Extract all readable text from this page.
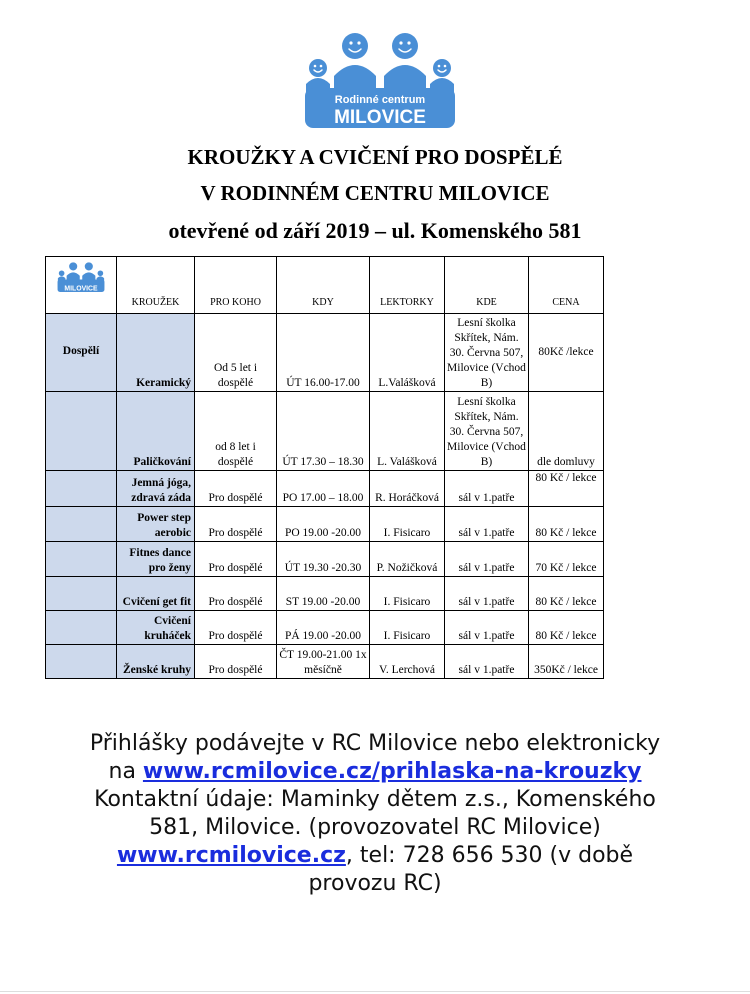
Rodinné centrum
MILOVICE
KROUŽKY A CVIČENÍ PRO DOSPĚLÉ
V RODINNÉM CENTRU MILOVICE
otevřené od září 2019 – ul. Komenského 581
MILOVICE	KROUŽEK	PRO KOHO	KDY	LEKTORKY	KDE	CENA
Dospělí	Keramický	Od 5 let i dospělé	ÚT 16.00-17.00	L.Valášková	Lesní školka Skřítek, Nám. 30. Června 507, Milovice (Vchod B)	80Kč /lekce
	Paličkování	od 8 let i dospělé	ÚT 17.30 – 18.30	L. Valášková	Lesní školka Skřítek, Nám. 30. Června 507, Milovice (Vchod B)	dle domluvy
	Jemná jóga, zdravá záda	Pro dospělé	PO 17.00 – 18.00	R. Horáčková	sál v 1.patře	80 Kč / lekce
	Power step aerobic	Pro dospělé	PO 19.00 -20.00	I. Fisicaro	sál v 1.patře	80 Kč / lekce
	Fitnes dance pro ženy	Pro dospělé	ÚT 19.30 -20.30	P. Nožičková	sál v 1.patře	70 Kč / lekce
	Cvičení get fit	Pro dospělé	ST 19.00 -20.00	I. Fisicaro	sál v 1.patře	80 Kč / lekce
	Cvičení kruháček	Pro dospělé	PÁ 19.00 -20.00	I. Fisicaro	sál v 1.patře	80 Kč / lekce
	Ženské kruhy	Pro dospělé	ČT 19.00-21.00 1x měsíčně	V. Lerchová	sál v 1.patře	350Kč / lekce
Přihlášky podávejte v RC Milovice nebo elektronicky
na www.rcmilovice.cz/prihlaska-na-krouzky
Kontaktní údaje: Maminky dětem z.s., Komenského
581, Milovice. (provozovatel RC Milovice)
www.rcmilovice.cz, tel: 728 656 530 (v době
provozu RC)
